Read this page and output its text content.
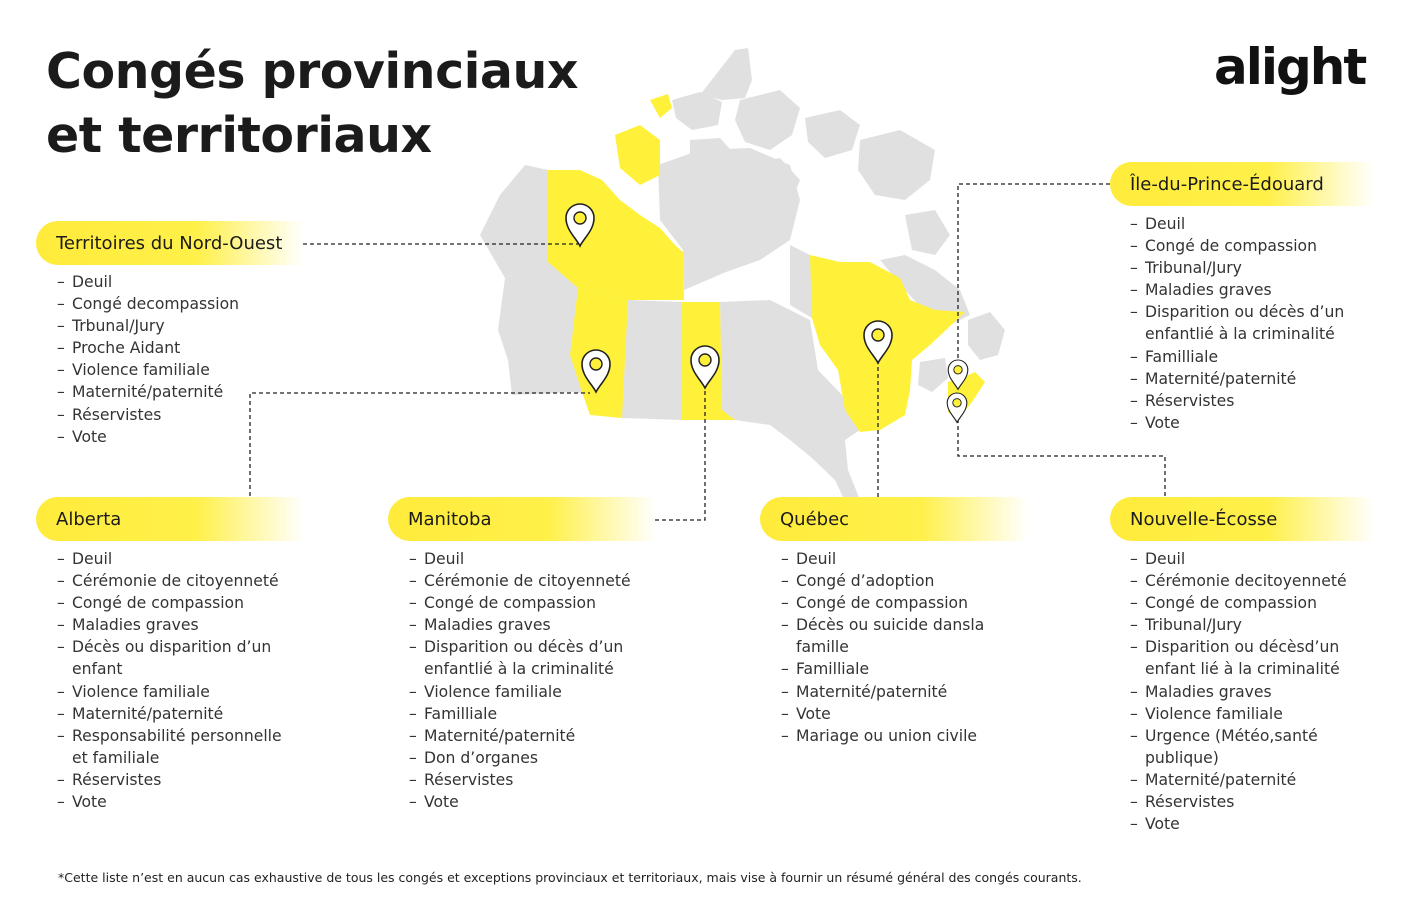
Congés provinciaux
et territoriaux
alight
Territoires du Nord-Ouest
– Deuil
– Congé decompassion
– Trbunal/Jury
– Proche Aidant
– Violence familiale
– Maternité/paternité
– Réservistes
– Vote
Île-du-Prince-Édouard
– Deuil
– Congé de compassion
– Tribunal/Jury
– Maladies graves
– Disparition ou décès d’un enfantlié à la criminalité
– Familliale
– Maternité/paternité
– Réservistes
– Vote
Alberta
– Deuil
– Cérémonie de citoyenneté
– Congé de compassion
– Maladies graves
– Décès ou disparition d’un enfant
– Violence familiale
– Maternité/paternité
– Responsabilité personnelle et familiale
– Réservistes
– Vote
Manitoba
– Deuil
– Cérémonie de citoyenneté
– Congé de compassion
– Maladies graves
– Disparition ou décès d’un enfantlié à la criminalité
– Violence familiale
– Familliale
– Maternité/paternité
– Don d’organes
– Réservistes
– Vote
Québec
– Deuil
– Congé d’adoption
– Congé de compassion
– Décès ou suicide dansla famille
– Familliale
– Maternité/paternité
– Vote
– Mariage ou union civile
Nouvelle-Écosse
– Deuil
– Cérémonie decitoyenneté
– Congé de compassion
– Tribunal/Jury
– Disparition ou décèsd’un enfant lié à la criminalité
– Maladies graves
– Violence familiale
– Urgence (Météo,santé publique)
– Maternité/paternité
– Réservistes
– Vote
*Cette liste n’est en aucun cas exhaustive de tous les congés et exceptions provinciaux et territoriaux, mais vise à fournir un résumé général des congés courants.
